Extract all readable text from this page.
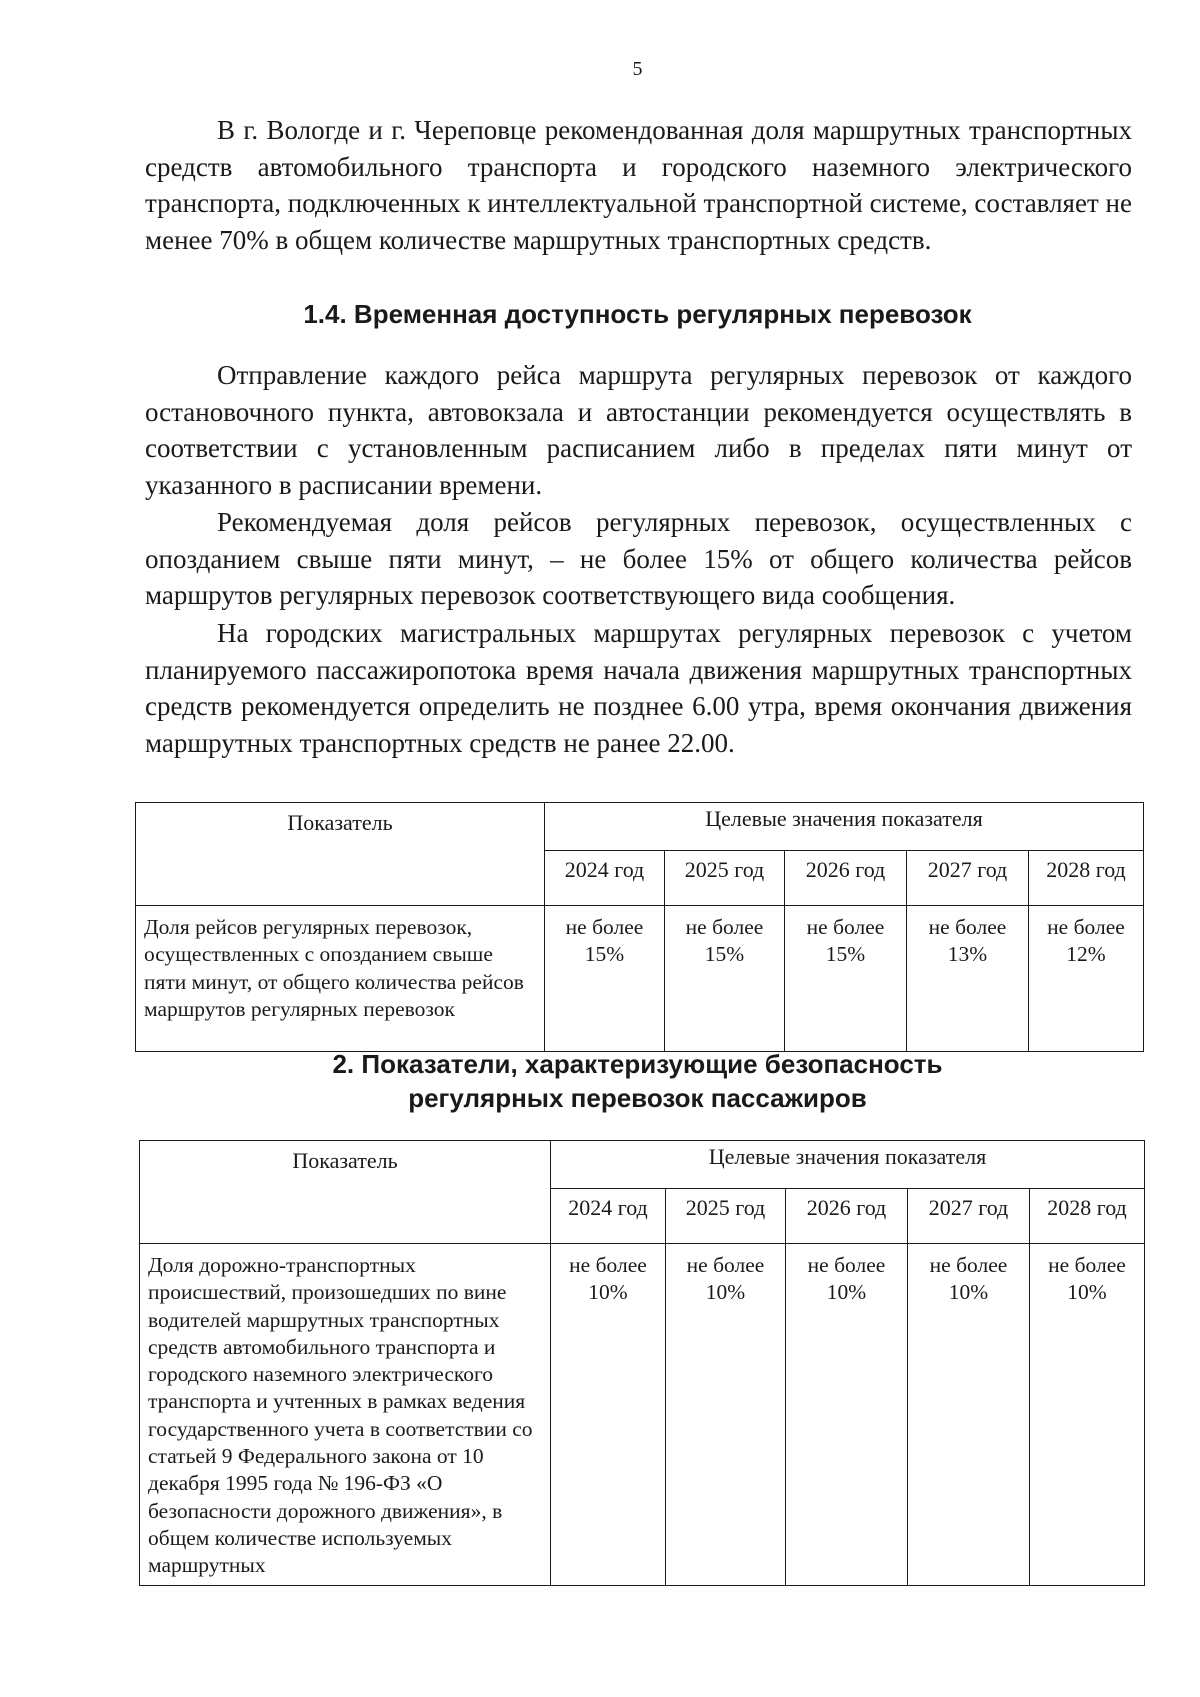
5

В г. Вологде и г. Череповце рекомендованная доля маршрутных транспортных средств автомобильного транспорта и городского наземного электрического транспорта, подключенных к интеллектуальной транспортной системе, составляет не менее 70% в общем количестве маршрутных транспортных средств.

1.4. Временная доступность регулярных перевозок

Отправление каждого рейса маршрута регулярных перевозок от каждого остановочного пункта, автовокзала и автостанции рекомендуется осуществлять в соответствии с установленным расписанием либо в пределах пяти минут от указанного в расписании времени.

Рекомендуемая доля рейсов регулярных перевозок, осуществленных с опозданием свыше пяти минут, – не более 15% от общего количества рейсов маршрутов регулярных перевозок соответствующего вида сообщения.

На городских магистральных маршрутах регулярных перевозок с учетом планируемого пассажиропотока время начала движения маршрутных транспортных средств рекомендуется определить не позднее 6.00 утра, время окончания движения маршрутных транспортных средств не ранее 22.00.

Показатель	Целевые значения показателя				
	2024 год	2025 год	2026 год	2027 год	2028 год
Доля рейсов регулярных перевозок, осуществленных с опозданием свыше пяти минут, от общего количества рейсов маршрутов регулярных перевозок	не более 15%	не более 15%	не более 15%	не более 13%	не более 12%
2. Показатели, характеризующие безопасность
регулярных перевозок пассажиров
Показатель	Целевые значения показателя				
	2024 год	2025 год	2026 год	2027 год	2028 год
Доля дорожно-транспортных происшествий, произошедших по вине водителей маршрутных транспортных средств автомобильного транспорта и городского наземного электрического транспорта и учтенных в рамках ведения государственного учета в соответствии со статьей 9 Федерального закона от 10 декабря 1995 года № 196-ФЗ «О безопасности дорожного движения», в общем количестве используемых маршрутных	не более 10%	не более 10%	не более 10%	не более 10%	не более 10%
